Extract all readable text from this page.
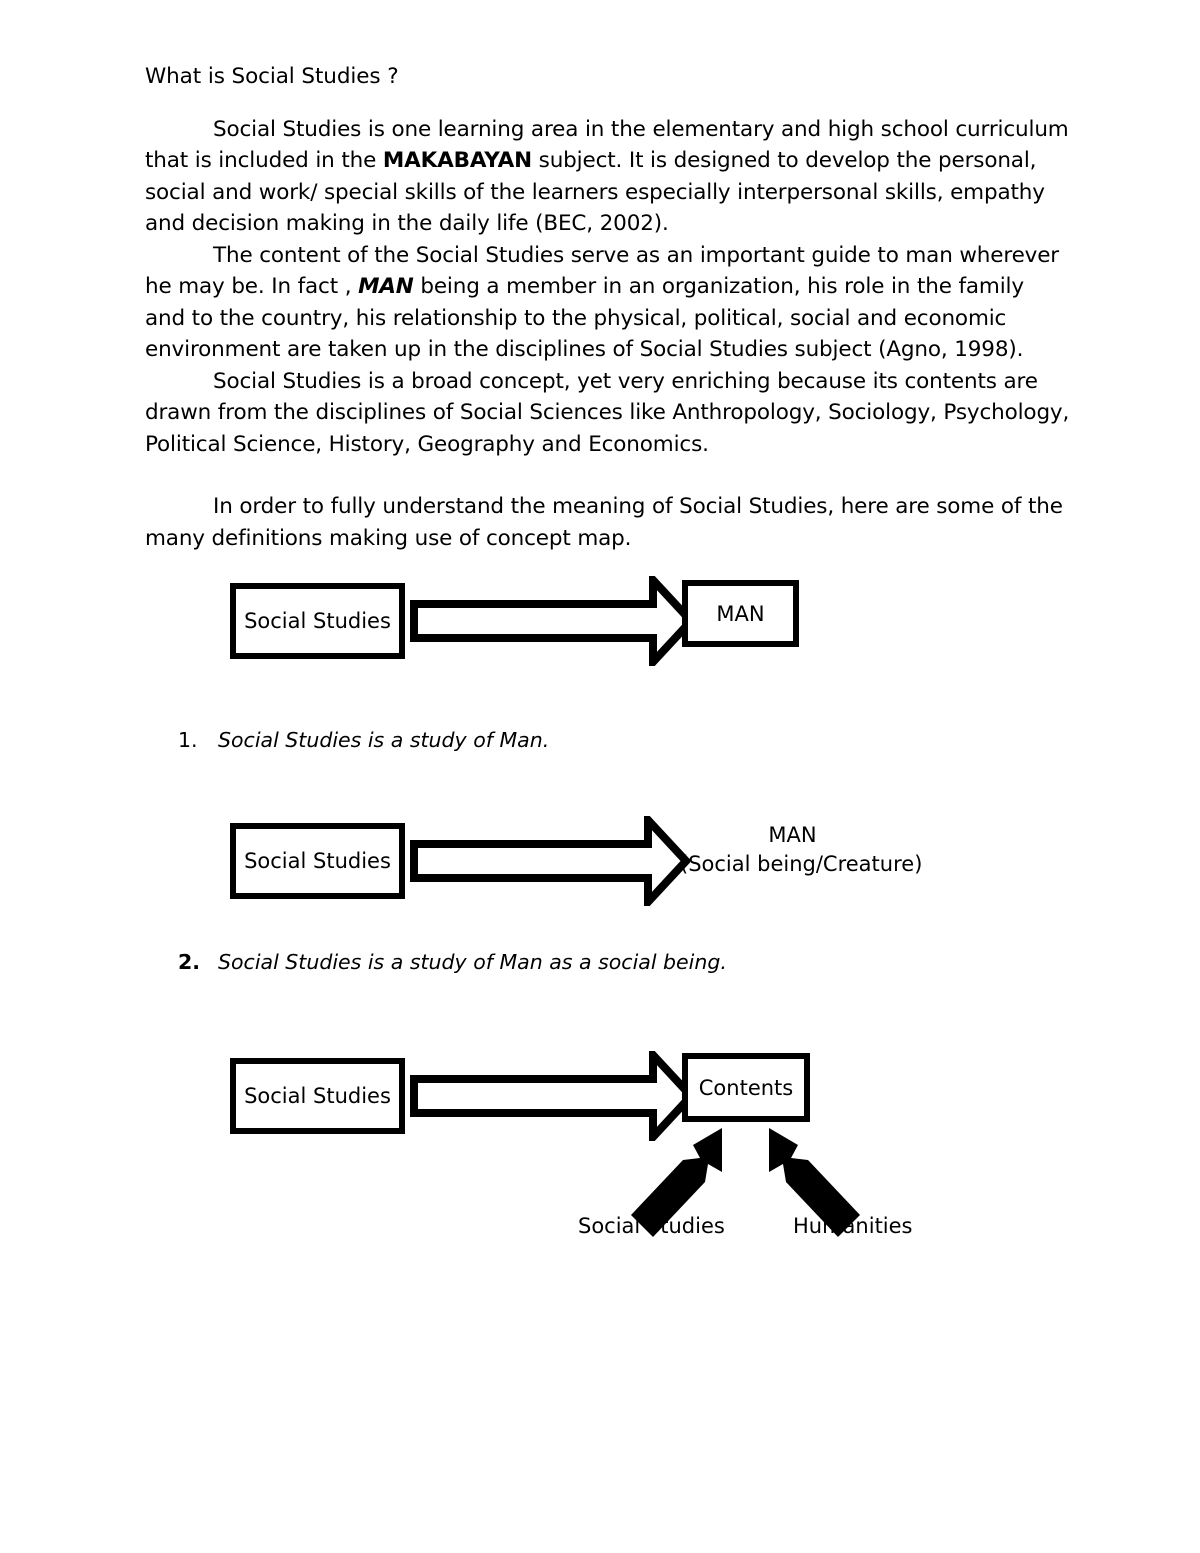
What is Social Studies ?

Social Studies is one learning area in the elementary and high school curriculum that is included in the MAKABAYAN subject. It is designed to develop the personal, social and work/ special skills of the learners especially interpersonal skills, empathy and decision making in the daily life (BEC, 2002).

The content of the Social Studies serve as an important guide to man wherever he may be. In fact , MAN being a member in an organization, his role in the family and to the country, his relationship to the physical, political, social and economic environment are taken up in the disciplines of Social Studies subject (Agno, 1998).

Social Studies is a broad concept, yet very enriching because its contents are drawn from the disciplines of Social Sciences like Anthropology, Sociology, Psychology, Political Science, History, Geography and Economics.

In order to fully understand the meaning of Social Studies, here are some of the many definitions making use of concept map.

Social Studies	MAN
1. Social Studies is a study of Man.
Social Studies
MAN
(Social being/Creature)
2. Social Studies is a study of Man as a social being.
Social Studies	Contents
Social Studies	Humanities
